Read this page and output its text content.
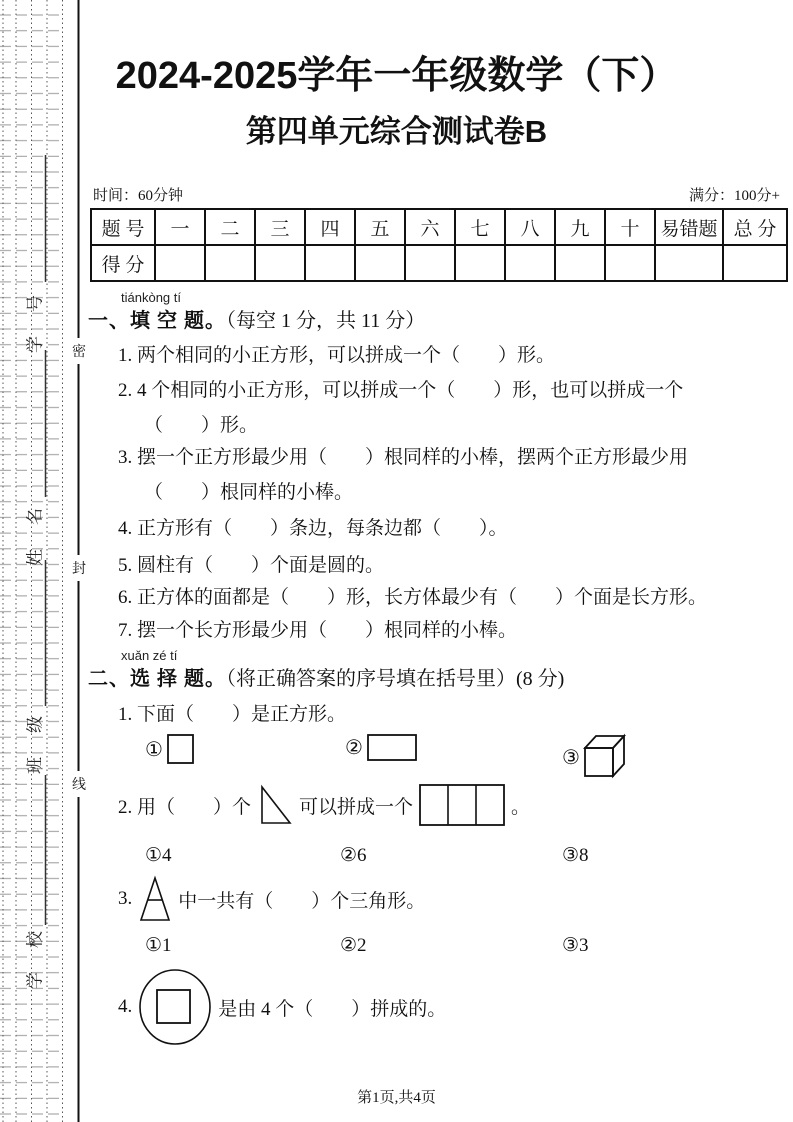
学号
姓名
班级
学校
密
封
线
2024-2025学年一年级数学（下）
第四单元综合测试卷B
时间：60分钟	满分：100分+
题 号	一	二	三	四	五	六	七	八	九	十	易错题	总 分
得 分												
tiánkòng tí
一、填 空 题。（每空 1 分，共 11 分）
1. 两个相同的小正方形，可以拼成一个（　　）形。
2. 4 个相同的小正方形，可以拼成一个（　　）形，也可以拼成一个
（　　）形。
3. 摆一个正方形最少用（　　）根同样的小棒，摆两个正方形最少用
（　　）根同样的小棒。
4. 正方形有（　　）条边，每条边都（　　）。
5. 圆柱有（　　）个面是圆的。
6. 正方体的面都是（　　）形，长方体最少有（　　）个面是长方形。
7. 摆一个长方形最少用（　　）根同样的小棒。
xuǎn zé tí
二、选 择 题。（将正确答案的序号填在括号里）(8 分)
1. 下面（　　）是正方形。
①	②	③
2. 用（　　）个	可以拼成一个	。
①4	②6	③8
3. 中一共有（　　）个三角形。
①1	②2	③3
4.	是由 4 个（　　）拼成的。
第1页,共4页
